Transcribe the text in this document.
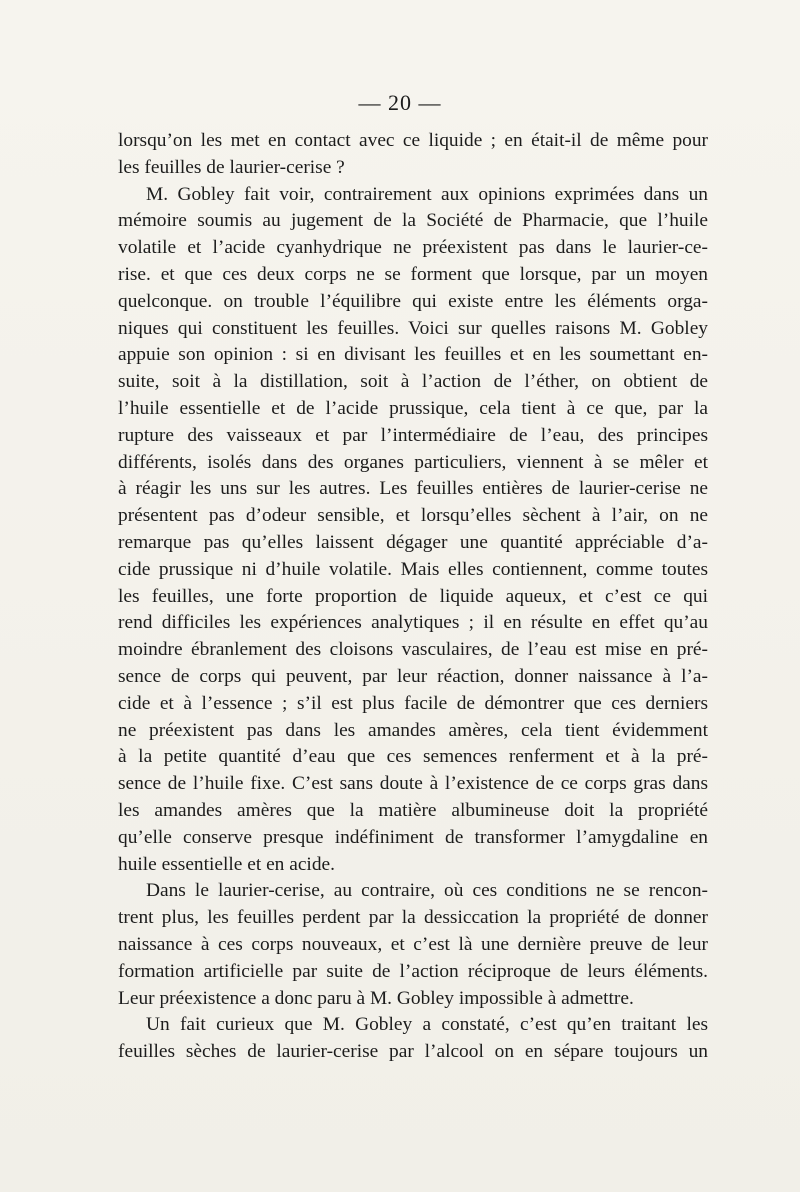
— 20 —
lorsqu’on les met en contact avec ce liquide ; en était-il de même pour
les feuilles de laurier-cerise ?
M. Gobley fait voir, contrairement aux opinions exprimées dans un
mémoire soumis au jugement de la Société de Pharmacie, que l’huile
volatile et l’acide cyanhydrique ne préexistent pas dans le laurier-ce-
rise. et que ces deux corps ne se forment que lorsque, par un moyen
quelconque. on trouble l’équilibre qui existe entre les éléments orga-
niques qui constituent les feuilles. Voici sur quelles raisons M. Gobley
appuie son opinion : si en divisant les feuilles et en les soumettant en-
suite, soit à la distillation, soit à l’action de l’éther, on obtient de
l’huile essentielle et de l’acide prussique, cela tient à ce que, par la
rupture des vaisseaux et par l’intermédiaire de l’eau, des principes
différents, isolés dans des organes particuliers, viennent à se mêler et
à réagir les uns sur les autres. Les feuilles entières de laurier-cerise ne
présentent pas d’odeur sensible, et lorsqu’elles sèchent à l’air, on ne
remarque pas qu’elles laissent dégager une quantité appréciable d’a-
cide prussique ni d’huile volatile. Mais elles contiennent, comme toutes
les feuilles, une forte proportion de liquide aqueux, et c’est ce qui
rend difficiles les expériences analytiques ; il en résulte en effet qu’au
moindre ébranlement des cloisons vasculaires, de l’eau est mise en pré-
sence de corps qui peuvent, par leur réaction, donner naissance à l’a-
cide et à l’essence ; s’il est plus facile de démontrer que ces derniers
ne préexistent pas dans les amandes amères, cela tient évidemment
à la petite quantité d’eau que ces semences renferment et à la pré-
sence de l’huile fixe. C’est sans doute à l’existence de ce corps gras dans
les amandes amères que la matière albumineuse doit la propriété
qu’elle conserve presque indéfiniment de transformer l’amygdaline en
huile essentielle et en acide.
Dans le laurier-cerise, au contraire, où ces conditions ne se rencon-
trent plus, les feuilles perdent par la dessiccation la propriété de donner
naissance à ces corps nouveaux, et c’est là une dernière preuve de leur
formation artificielle par suite de l’action réciproque de leurs éléments.
Leur préexistence a donc paru à M. Gobley impossible à admettre.
Un fait curieux que M. Gobley a constaté, c’est qu’en traitant les
feuilles sèches de laurier-cerise par l’alcool on en sépare toujours un
